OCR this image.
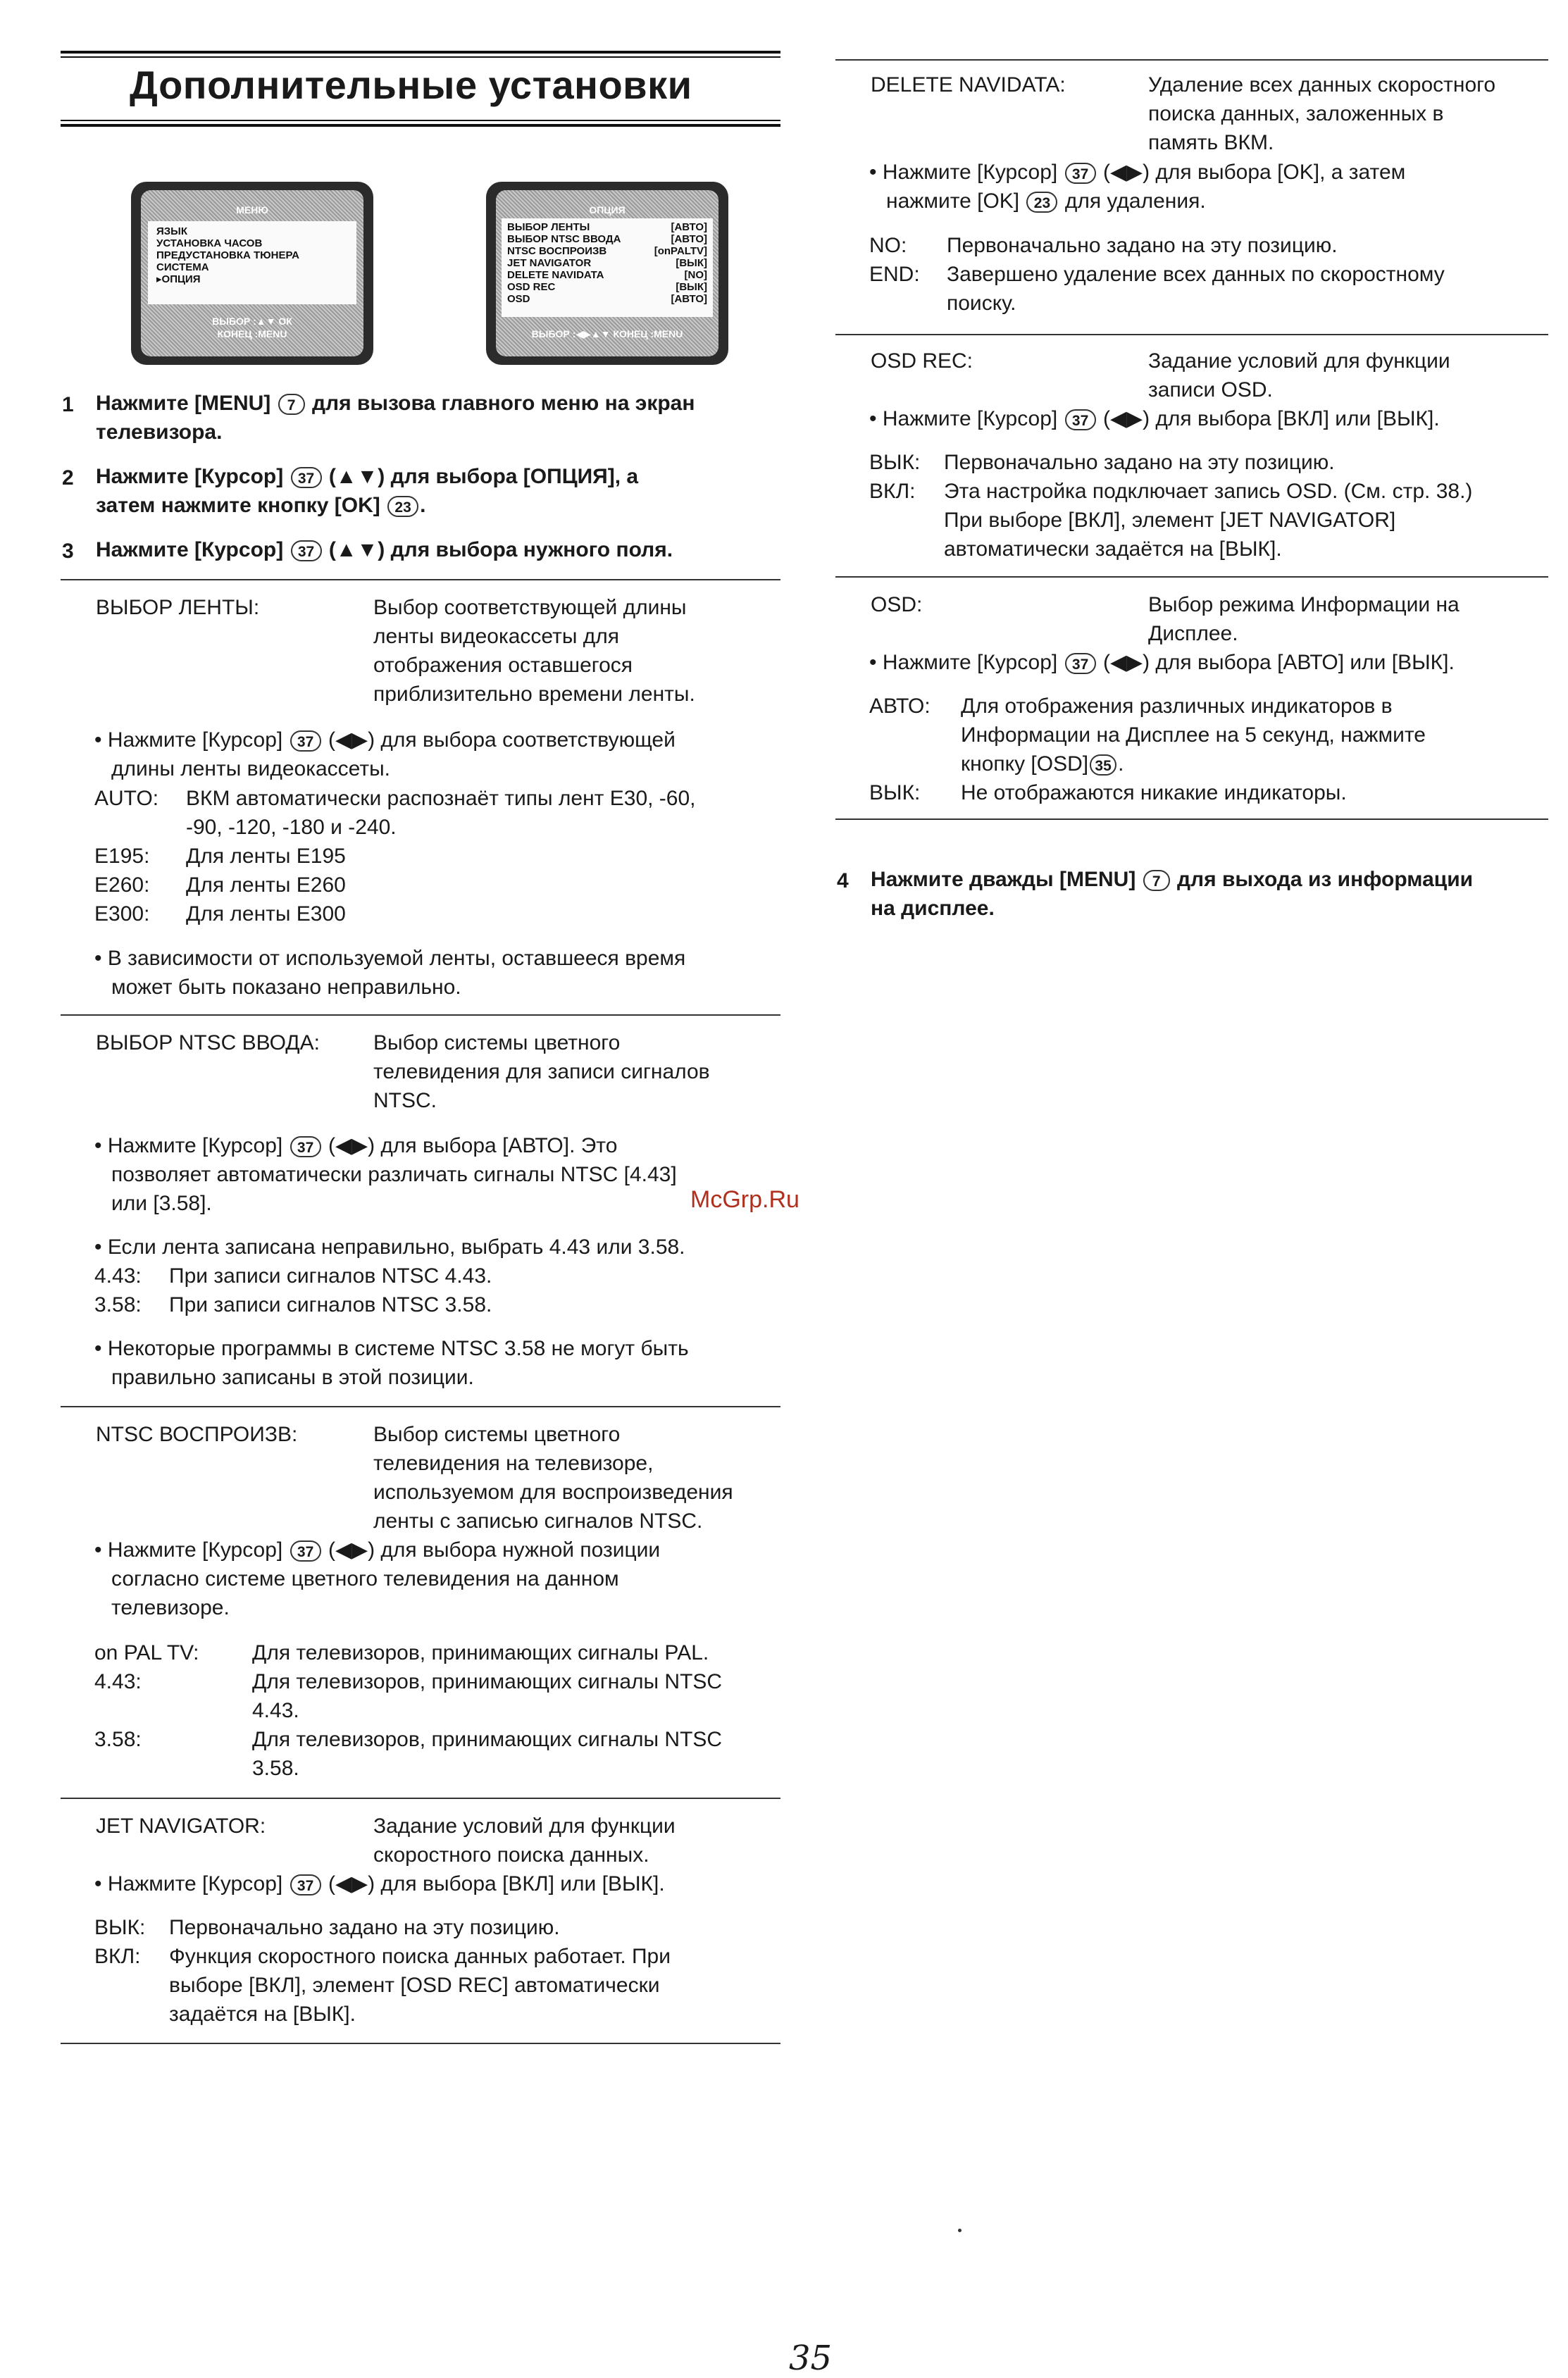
Дополнительные установки
МЕНЮ
ЯЗЫК
УСТАНОВКА ЧАСОВ
ПРЕДУСТАНОВКА ТЮНЕРА
СИСТЕМА
▸ОПЦИЯ
ВЫБОР :▲▼ ОК
КОНЕЦ :MENU
ОПЦИЯ
ВЫБОР ЛЕНТЫ	[АВТО]
ВЫБОР NTSC ВВОДА	[АВТО]
NTSC ВОСПРОИЗВ	[onPALTV]
JET NAVIGATOR	[ВЫК]
DELETE NAVIDATA	[NO]
OSD REC	[ВЫК]
OSD	[АВТО]
ВЫБОР :◀▶▲▼ КОНЕЦ :MENU
1 Нажмите [MENU] 7 для вызова главного меню на экран
телевизора.
2 Нажмите [Курсор] 37 (▲▼) для выбора [ОПЦИЯ], а
затем нажмите кнопку [OK] 23 .
3 Нажмите [Курсор] 37 (▲▼) для выбора нужного поля.
ВЫБОР ЛЕНТЫ:	Выбор соответствующей длины
ленты видеокассеты для
отображения оставшегося
приблизительно времени ленты.
• Нажмите [Курсор] 37 (◀▶) для выбора соответствующей
длины ленты видеокассеты.
AUTO: ВКМ автоматически распознаёт типы лент E30, -60,
-90, -120, -180 и -240.
E195: Для ленты E195
E260: Для ленты E260
E300: Для ленты E300
• В зависимости от используемой ленты, оставшееся время
может быть показано неправильно.
ВЫБОР NTSC ВВОДА:	Выбор системы цветного
телевидения для записи сигналов
NTSC.
• Нажмите [Курсор] 37 (◀▶) для выбора [АВТО]. Это
позволяет автоматически различать сигналы NTSC [4.43]
или [3.58].
• Если лента записана неправильно, выбрать 4.43 или 3.58.
4.43: При записи сигналов NTSC 4.43.
3.58: При записи сигналов NTSC 3.58.
• Некоторые программы в системе NTSC 3.58 не могут быть
правильно записаны в этой позиции.
NTSC ВОСПРОИЗВ:	Выбор системы цветного
телевидения на телевизоре,
используемом для воспроизведения
ленты с записью сигналов NTSC.
• Нажмите [Курсор] 37 (◀▶) для выбора нужной позиции
согласно системе цветного телевидения на данном
телевизоре.
on PAL TV:	Для телевизоров, принимающих сигналы PAL.
4.43:	Для телевизоров, принимающих сигналы NTSC
4.43.
3.58:	Для телевизоров, принимающих сигналы NTSC
3.58.
JET NAVIGATOR:	Задание условий для функции
скоростного поиска данных.
• Нажмите [Курсор] 37 (◀▶) для выбора [ВКЛ] или [ВЫК].
ВЫК: Первоначально задано на эту позицию.
ВКЛ: Функция скоростного поиска данных работает. При
выборе [ВКЛ], элемент [OSD REC] автоматически
задаётся на [ВЫК].
DELETE NAVIDATA:	Удаление всех данных скоростного
поиска данных, заложенных в
память ВКМ.
• Нажмите [Курсор] 37 (◀▶) для выбора [OK], а затем
нажмите [OK] 23 для удаления.
NO: Первоначально задано на эту позицию.
END: Завершено удаление всех данных по скоростному
поиску.
OSD REC:	Задание условий для функции
записи OSD.
• Нажмите [Курсор] 37 (◀▶) для выбора [ВКЛ] или [ВЫК].
ВЫК: Первоначально задано на эту позицию.
ВКЛ: Эта настройка подключает запись OSD. (См. стр. 38.)
При выборе [ВКЛ], элемент [JET NAVIGATOR]
автоматически задаётся на [ВЫК].
OSD:	Выбор режима Информации на
Дисплее.
• Нажмите [Курсор] 37 (◀▶) для выбора [АВТО] или [ВЫК].
АВТО: Для отображения различных индикаторов в
Информации на Дисплее на 5 секунд, нажмите
кнопку [OSD] 35 .
ВЫК: Не отображаются никакие индикаторы.
4 Нажмите дважды [MENU] 7 для выхода из информации
на дисплее.
McGrp.Ru
35
